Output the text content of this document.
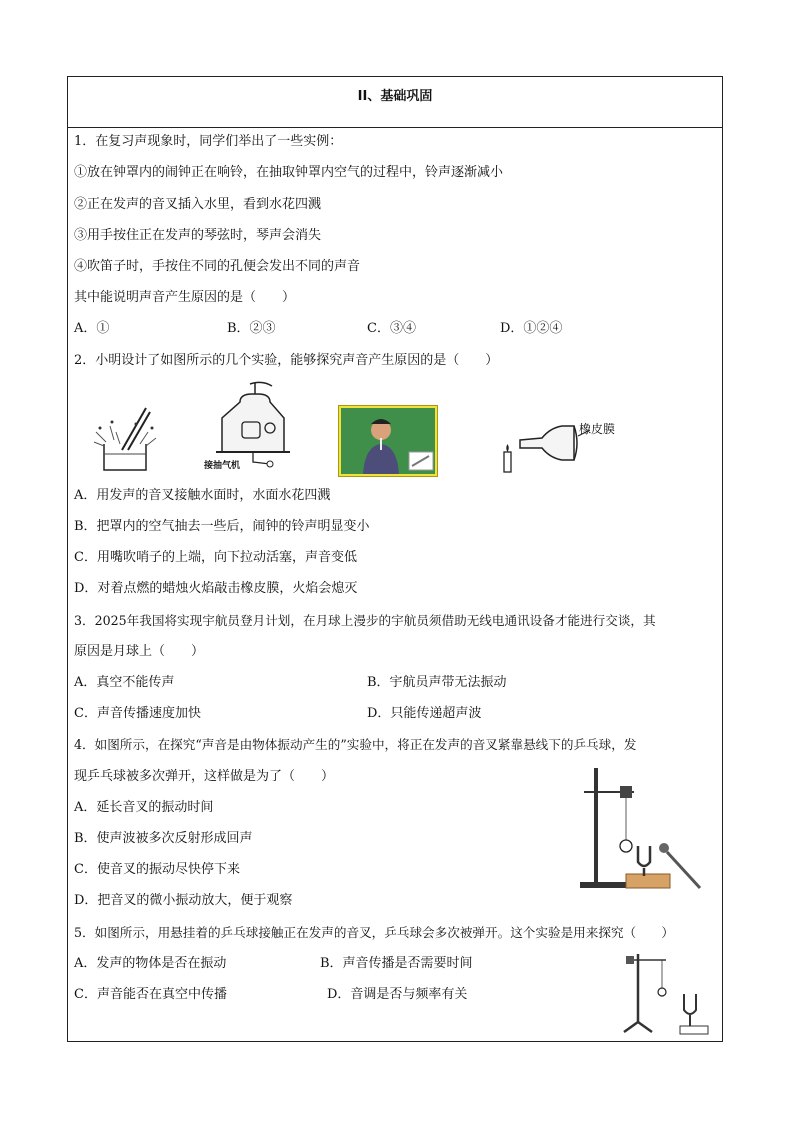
II、基础巩固
1．在复习声现象时，同学们举出了一些实例：
①放在钟罩内的闹钟正在响铃，在抽取钟罩内空气的过程中，铃声逐渐减小
②正在发声的音叉插入水里，看到水花四溅
③用手按住正在发声的琴弦时，琴声会消失
④吹笛子时，手按住不同的孔便会发出不同的声音
其中能说明声音产生原因的是（　　）
A．①	B．②③	C．③④	D．①②④
2．小明设计了如图所示的几个实验，能够探究声音产生原因的是（　　）
接抽气机
橡皮膜
A．用发声的音叉接触水面时，水面水花四溅
B．把罩内的空气抽去一些后，闹钟的铃声明显变小
C．用嘴吹哨子的上端，向下拉动活塞，声音变低
D．对着点燃的蜡烛火焰敲击橡皮膜，火焰会熄灭
3．2025年我国将实现宇航员登月计划，在月球上漫步的宇航员须借助无线电通讯设备才能进行交谈，其
原因是月球上（　　）
A．真空不能传声	B．宇航员声带无法振动
C．声音传播速度加快	D．只能传递超声波
4．如图所示，在探究“声音是由物体振动产生的”实验中，将正在发声的音叉紧靠悬线下的乒乓球，发
现乒乓球被多次弹开，这样做是为了（　　）
A．延长音叉的振动时间
B．使声波被多次反射形成回声
C．使音叉的振动尽快停下来
D．把音叉的微小振动放大，便于观察
5．如图所示，用悬挂着的乒乓球接触正在发声的音叉，乒乓球会多次被弹开。这个实验是用来探究（　　）
A．发声的物体是否在振动	B．声音传播是否需要时间
C．声音能否在真空中传播	D．音调是否与频率有关
